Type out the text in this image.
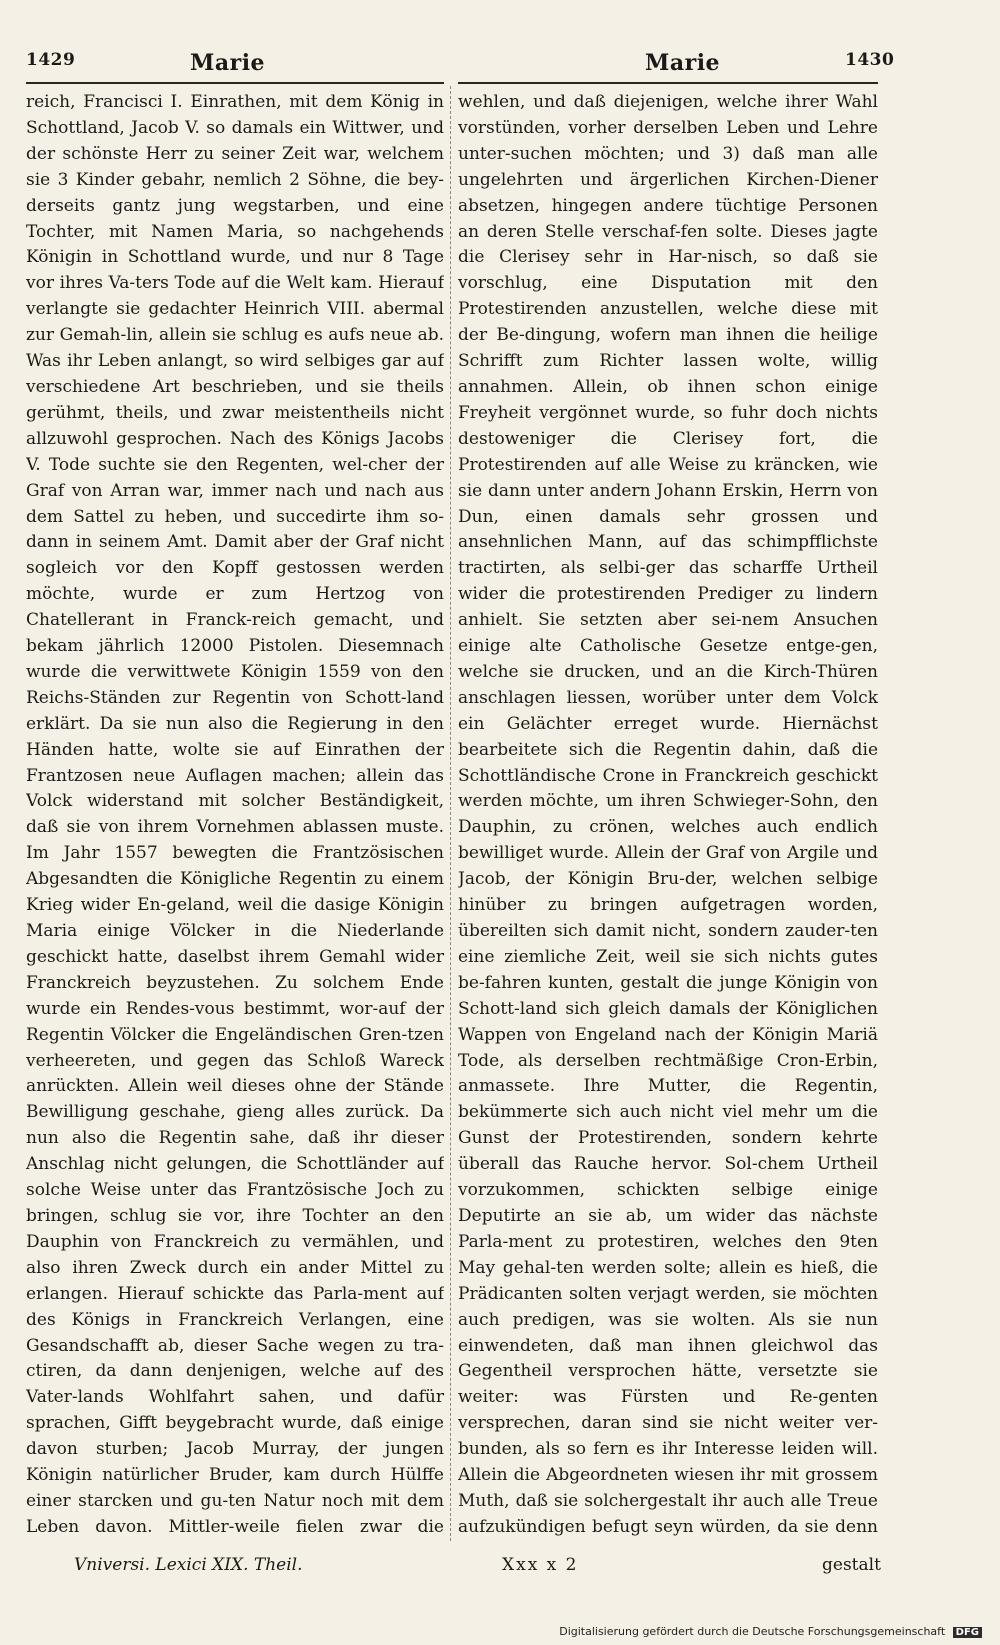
1429	Marie	Marie	1430

reich, Francisci I. Einrathen, mit dem König in Schottland, Jacob V. so damals ein Wittwer, und der schönste Herr zu seiner Zeit war, welchem sie 3 Kinder gebahr, nemlich 2 Söhne, die bey-derseits gantz jung wegstarben, und eine Tochter, mit Namen Maria, so nachgehends Königin in Schottland wurde, und nur 8 Tage vor ihres Va-ters Tode auf die Welt kam. Hierauf verlangte sie gedachter Heinrich VIII. abermal zur Gemah-lin, allein sie schlug es aufs neue ab. Was ihr Leben anlangt, so wird selbiges gar auf verschiedene Art beschrieben, und sie theils gerühmt, theils, und zwar meistentheils nicht allzuwohl gesprochen. Nach des Königs Jacobs V. Tode suchte sie den Regenten, wel-cher der Graf von Arran war, immer nach und nach aus dem Sattel zu heben, und succedirte ihm so-dann in seinem Amt. Damit aber der Graf nicht sogleich vor den Kopff gestossen werden möchte, wurde er zum Hertzog von Chatellerant in Franck-reich gemacht, und bekam jährlich 12000 Pistolen. Diesemnach wurde die verwittwete Königin 1559 von den Reichs-Ständen zur Regentin von Schott-land erklärt. Da sie nun also die Regierung in den Händen hatte, wolte sie auf Einrathen der Frantzosen neue Auflagen machen; allein das Volck widerstand mit solcher Beständigkeit, daß sie von ihrem Vornehmen ablassen muste. Im Jahr 1557 bewegten die Frantzösischen Abgesandten die Königliche Regentin zu einem Krieg wider En-geland, weil die dasige Königin Maria einige Völcker in die Niederlande geschickt hatte, daselbst ihrem Gemahl wider Franckreich beyzustehen. Zu solchem Ende wurde ein Rendes-vous bestimmt, wor-auf der Regentin Völcker die Engeländischen Gren-tzen verheereten, und gegen das Schloß Wareck anrückten. Allein weil dieses ohne der Stände Bewilligung geschahe, gieng alles zurück. Da nun also die Regentin sahe, daß ihr dieser Anschlag nicht gelungen, die Schottländer auf solche Weise unter das Frantzösische Joch zu bringen, schlug sie vor, ihre Tochter an den Dauphin von Franckreich zu vermählen, und also ihren Zweck durch ein ander Mittel zu erlangen. Hierauf schickte das Parla-ment auf des Königs in Franckreich Verlangen, eine Gesandschafft ab, dieser Sache wegen zu tra-ctiren, da dann denjenigen, welche auf des Vater-lands Wohlfahrt sahen, und dafür sprachen, Gifft beygebracht wurde, daß einige davon sturben; Jacob Murray, der jungen Königin natürlicher Bruder, kam durch Hülffe einer starcken und gu-ten Natur noch mit dem Leben davon. Mittler-weile fielen zwar die

wehlen, und daß diejenigen, welche ihrer Wahl vorstünden, vorher derselben Leben und Lehre unter-suchen möchten; und 3) daß man alle ungelehrten und ärgerlichen Kirchen-Diener absetzen, hingegen andere tüchtige Personen an deren Stelle verschaf-fen solte. Dieses jagte die Clerisey sehr in Har-nisch, so daß sie vorschlug, eine Disputation mit den Protestirenden anzustellen, welche diese mit der Be-dingung, wofern man ihnen die heilige Schrifft zum Richter lassen wolte, willig annahmen. Allein, ob ihnen schon einige Freyheit vergönnet wurde, so fuhr doch nichts destoweniger die Clerisey fort, die Protestirenden auf alle Weise zu kräncken, wie sie dann unter andern Johann Erskin, Herrn von Dun, einen damals sehr grossen und ansehnlichen Mann, auf das schimpfflichste tractirten, als selbi-ger das scharffe Urtheil wider die protestirenden Prediger zu lindern anhielt. Sie setzten aber sei-nem Ansuchen einige alte Catholische Gesetze entge-gen, welche sie drucken, und an die Kirch-Thüren anschlagen liessen, worüber unter dem Volck ein Gelächter erreget wurde. Hiernächst bearbeitete sich die Regentin dahin, daß die Schottländische Crone in Franckreich geschickt werden möchte, um ihren Schwieger-Sohn, den Dauphin, zu crönen, welches auch endlich bewilliget wurde. Allein der Graf von Argile und Jacob, der Königin Bru-der, welchen selbige hinüber zu bringen aufgetragen worden, übereilten sich damit nicht, sondern zauder-ten eine ziemliche Zeit, weil sie sich nichts gutes be-fahren kunten, gestalt die junge Königin von Schott-land sich gleich damals der Königlichen Wappen von Engeland nach der Königin Mariä Tode, als derselben rechtmäßige Cron-Erbin, anmassete. Ihre Mutter, die Regentin, bekümmerte sich auch nicht viel mehr um die Gunst der Protestirenden, sondern kehrte überall das Rauche hervor. Sol-chem Urtheil vorzukommen, schickten selbige einige Deputirte an sie ab, um wider das nächste Parla-ment zu protestiren, welches den 9ten May gehal-ten werden solte; allein es hieß, die Prädicanten solten verjagt werden, sie möchten auch predigen, was sie wolten. Als sie nun einwendeten, daß man ihnen gleichwol das Gegentheil versprochen hätte, versetzte sie weiter: was Fürsten und Re-genten versprechen, daran sind sie nicht weiter ver-bunden, als so fern es ihr Interesse leiden will. Allein die Abgeordneten wiesen ihr mit grossem Muth, daß sie solchergestalt ihr auch alle Treue aufzukündigen befugt seyn würden, da sie denn

Vniversi. Lexici XIX. Theil.	Xxx x 2	gestalt
Digitalisierung gefördert durch die Deutsche Forschungsgemeinschaft DFG
